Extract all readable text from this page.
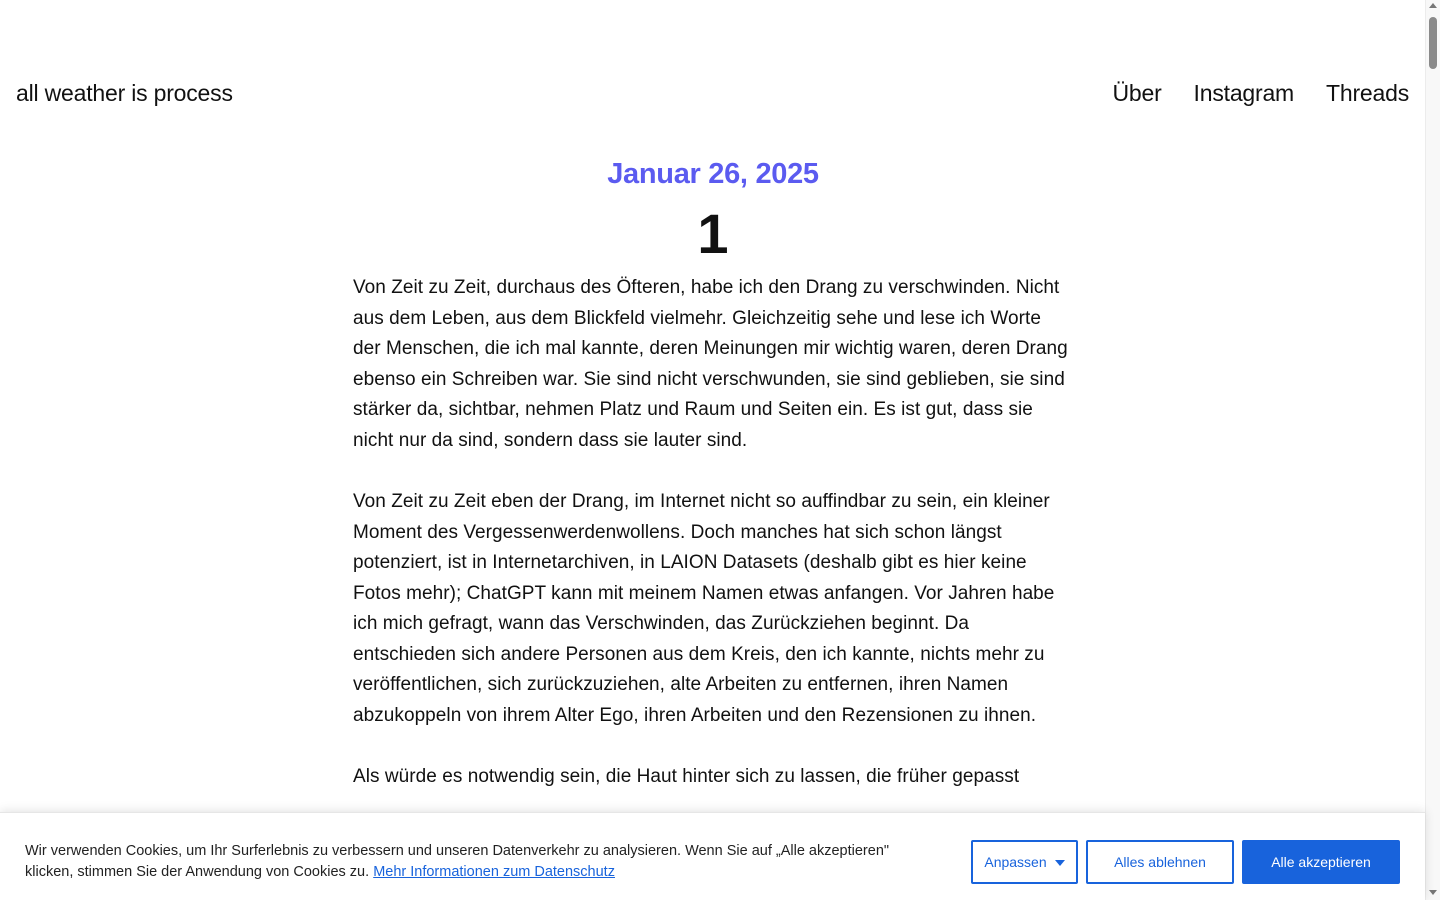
all weather is process	Über Instagram Threads
Januar 26, 2025
1

Von Zeit zu Zeit, durchaus des Öfteren, habe ich den Drang zu verschwinden. Nicht aus dem Leben, aus dem Blickfeld vielmehr. Gleichzeitig sehe und lese ich Worte der Menschen, die ich mal kannte, deren Meinungen mir wichtig waren, deren Drang ebenso ein Schreiben war. Sie sind nicht verschwunden, sie sind geblieben, sie sind stärker da, sichtbar, nehmen Platz und Raum und Seiten ein. Es ist gut, dass sie nicht nur da sind, sondern dass sie lauter sind.

Von Zeit zu Zeit eben der Drang, im Internet nicht so auffindbar zu sein, ein kleiner Moment des Vergessenwerdenwollens. Doch manches hat sich schon längst potenziert, ist in Internetarchiven, in LAION Datasets (deshalb gibt es hier keine Fotos mehr); ChatGPT kann mit meinem Namen etwas anfangen. Vor Jahren habe ich mich gefragt, wann das Verschwinden, das Zurückziehen beginnt. Da entschieden sich andere Personen aus dem Kreis, den ich kannte, nichts mehr zu veröffentlichen, sich zurückzuziehen, alte Arbeiten zu entfernen, ihren Namen abzukoppeln von ihrem Alter Ego, ihren Arbeiten und den Rezensionen zu ihnen.

Als würde es notwendig sein, die Haut hinter sich zu lassen, die früher gepasst

Wir verwenden Cookies, um Ihr Surferlebnis zu verbessern und unseren Datenverkehr zu analysieren. Wenn Sie auf „Alle akzeptieren" klicken, stimmen Sie der Anwendung von Cookies zu. Mehr Informationen zum Datenschutz
Anpassen	Alles ablehnen	Alle akzeptieren
